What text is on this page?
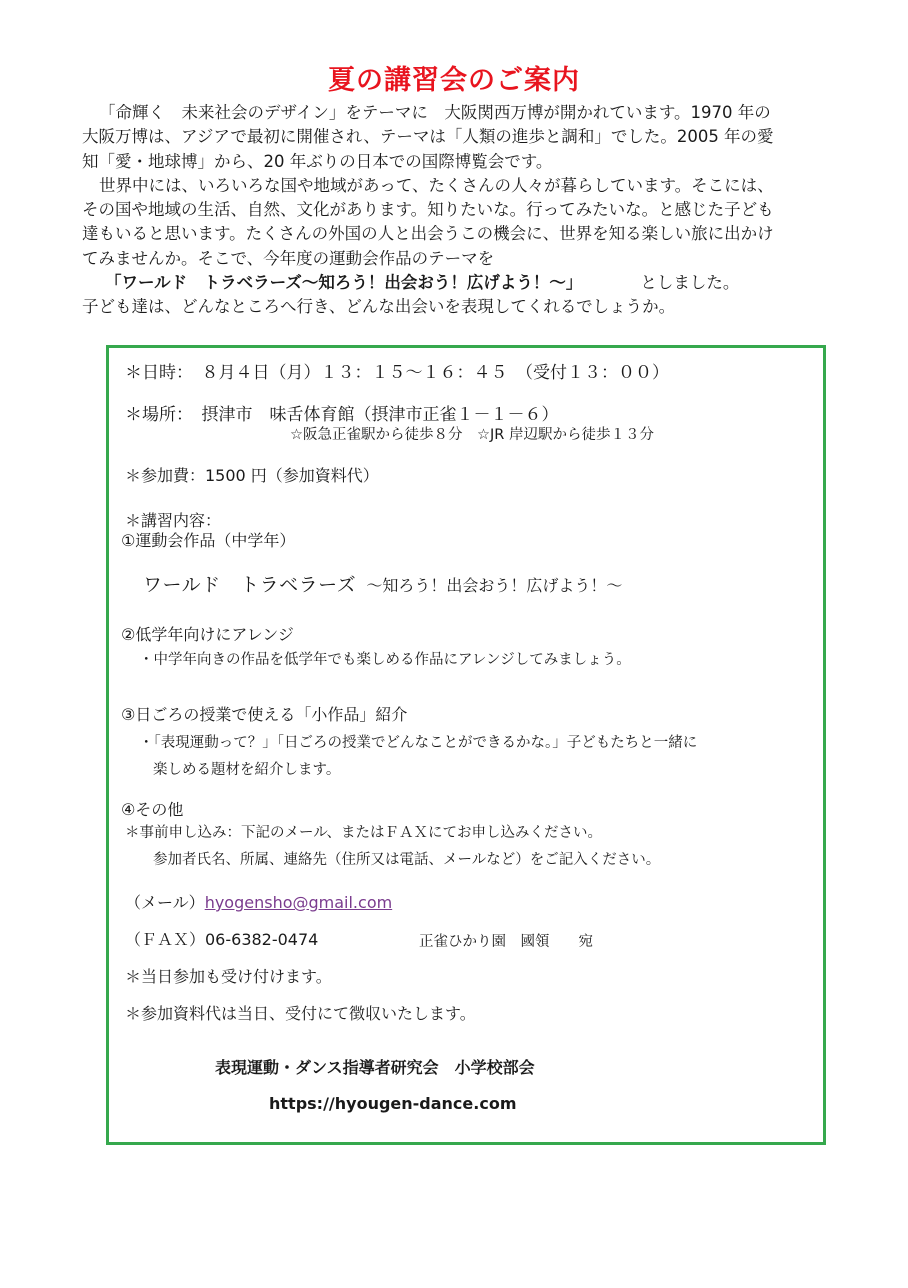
夏の講習会のご案内

「命輝く　未来社会のデザイン」をテーマに　大阪関西万博が開かれています。1970 年の

大阪万博は、アジアで最初に開催され、テーマは「人類の進歩と調和」でした。2005 年の愛

知「愛・地球博」から、20 年ぶりの日本での国際博覧会です。

世界中には、いろいろな国や地域があって、たくさんの人々が暮らしています。そこには、

その国や地域の生活、自然、文化があります。知りたいな。行ってみたいな。と感じた子ども

達もいると思います。たくさんの外国の人と出会うこの機会に、世界を知る楽しい旅に出かけ

てみませんか。そこで、今年度の運動会作品のテーマを

「ワールド　トラベラーズ～知ろう！出会おう！広げよう！～」	としました。

子ども達は、どんなところへ行き、どんな出会いを表現してくれるでしょうか。

＊日時：　８月４日（月）１３：１５～１６：４５　（受付１３：００）
＊場所：　摂津市　味舌体育館（摂津市正雀１－１－６）
☆阪急正雀駅から徒歩８分　☆JR 岸辺駅から徒歩１３分
＊参加費：1500 円（参加資料代）
＊講習内容：
①運動会作品（中学年）
ワールド　トラベラーズ ～知ろう！出会おう！広げよう！～
②低学年向けにアレンジ
・中学年向きの作品を低学年でも楽しめる作品にアレンジしてみましょう。
③日ごろの授業で使える「小作品」紹介
・「表現運動って？」「日ごろの授業でどんなことができるかな。」子どもたちと一緒に
楽しめる題材を紹介します。
④その他
＊事前申し込み：下記のメール、またはＦＡＸにてお申し込みください。
参加者氏名、所属、連絡先（住所又は電話、メールなど）をご記入ください。
（メール）hyogensho@gmail.com
（ＦＡＸ）06-6382-0474	正雀ひかり園　國領　　宛
＊当日参加も受け付けます。
＊参加資料代は当日、受付にて徴収いたします。
表現運動・ダンス指導者研究会　小学校部会
https://hyougen-dance.com
